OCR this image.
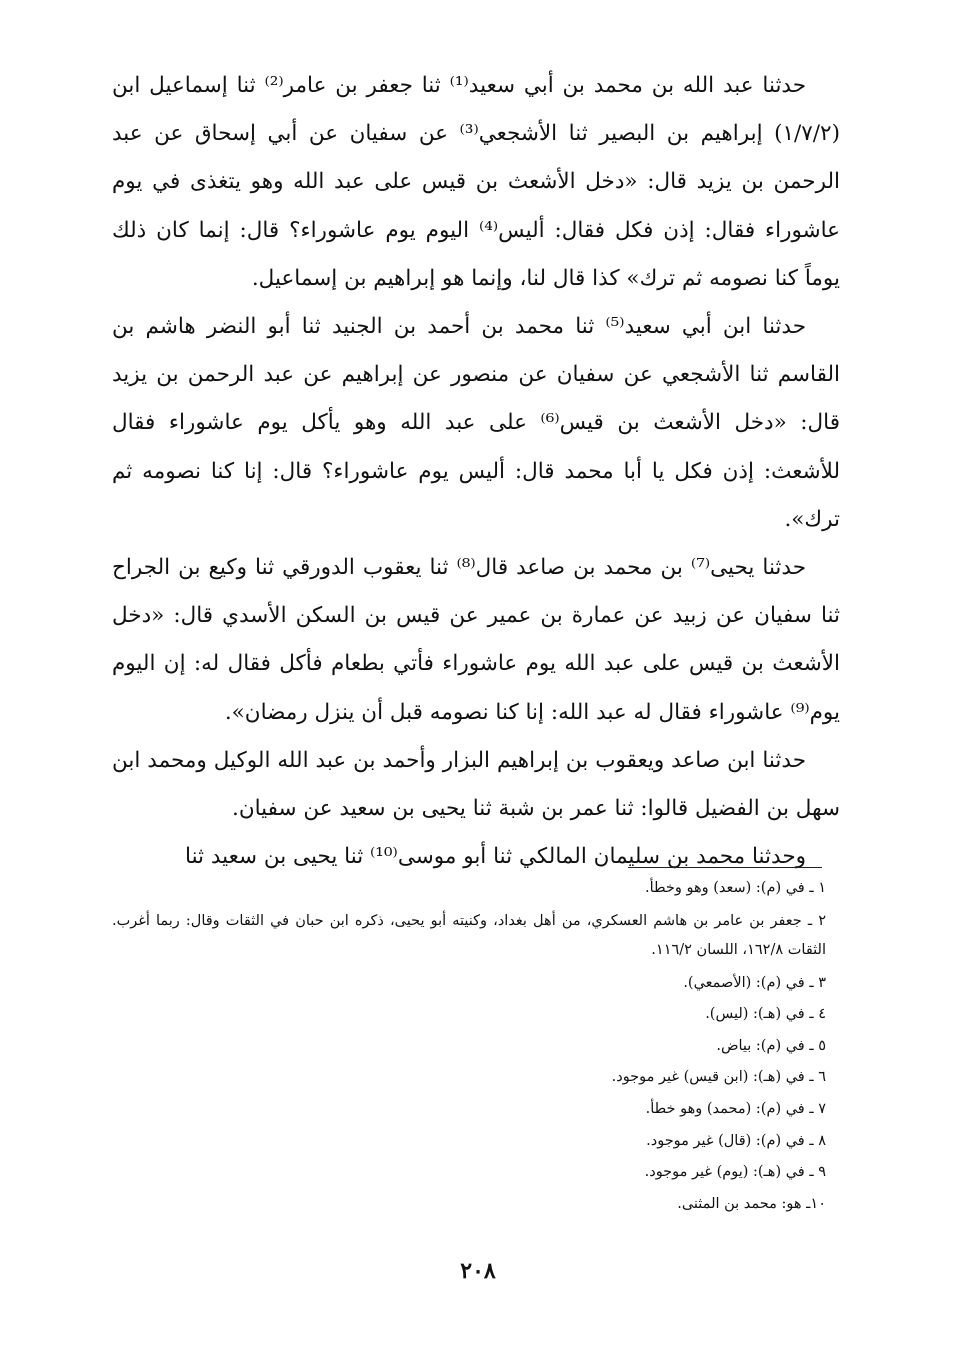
حدثنا عبد الله بن محمد بن أبي سعيد⁽¹⁾ ثنا جعفر بن عامر⁽²⁾ ثنا إسماعيل ابن (١/٧/٢) إبراهيم بن البصير ثنا الأشجعي⁽³⁾ عن سفيان عن أبي إسحاق عن عبد الرحمن بن يزيد قال: «دخل الأشعث بن قيس على عبد الله وهو يتغذى في يوم عاشوراء فقال: إذن فكل فقال: أليس⁽⁴⁾ اليوم يوم عاشوراء؟ قال: إنما كان ذلك يوماً كنا نصومه ثم ترك» كذا قال لنا، وإنما هو إبراهيم بن إسماعيل.

حدثنا ابن أبي سعيد⁽⁵⁾ ثنا محمد بن أحمد بن الجنيد ثنا أبو النضر هاشم بن القاسم ثنا الأشجعي عن سفيان عن منصور عن إبراهيم عن عبد الرحمن بن يزيد قال: «دخل الأشعث بن قيس⁽⁶⁾ على عبد الله وهو يأكل يوم عاشوراء فقال للأشعث: إذن فكل يا أبا محمد قال: أليس يوم عاشوراء؟ قال: إنا كنا نصومه ثم ترك».

حدثنا يحيى⁽⁷⁾ بن محمد بن صاعد قال⁽⁸⁾ ثنا يعقوب الدورقي ثنا وكيع بن الجراح ثنا سفيان عن زبيد عن عمارة بن عمير عن قيس بن السكن الأسدي قال: «دخل الأشعث بن قيس على عبد الله يوم عاشوراء فأتي بطعام فأكل فقال له: إن اليوم يوم⁽⁹⁾ عاشوراء فقال له عبد الله: إنا كنا نصومه قبل أن ينزل رمضان».

حدثنا ابن صاعد ويعقوب بن إبراهيم البزار وأحمد بن عبد الله الوكيل ومحمد ابن سهل بن الفضيل قالوا: ثنا عمر بن شبة ثنا يحيى بن سعيد عن سفيان.

وحدثنا محمد بن سليمان المالكي ثنا أبو موسى⁽¹⁰⁾ ثنا يحيى بن سعيد ثنا

١ ـ في (م): (سعد) وهو وخطأ.

٢ ـ جعفر بن عامر بن هاشم العسكري، من أهل بغداد، وكنيته أبو يحيى، ذكره ابن حبان في الثقات وقال: ربما أغرب. الثقات ١٦٢/٨، اللسان ١١٦/٢.

٣ ـ في (م): (الأصمعي).

٤ ـ في (هـ): (ليس).

٥ ـ في (م): بياض.

٦ ـ في (هـ): (ابن قيس) غير موجود.

٧ ـ في (م): (محمد) وهو خطأ.

٨ ـ في (م): (قال) غير موجود.

٩ ـ في (هـ): (يوم) غير موجود.

١٠ـ هو: محمد بن المثنى.

٢٠٨
